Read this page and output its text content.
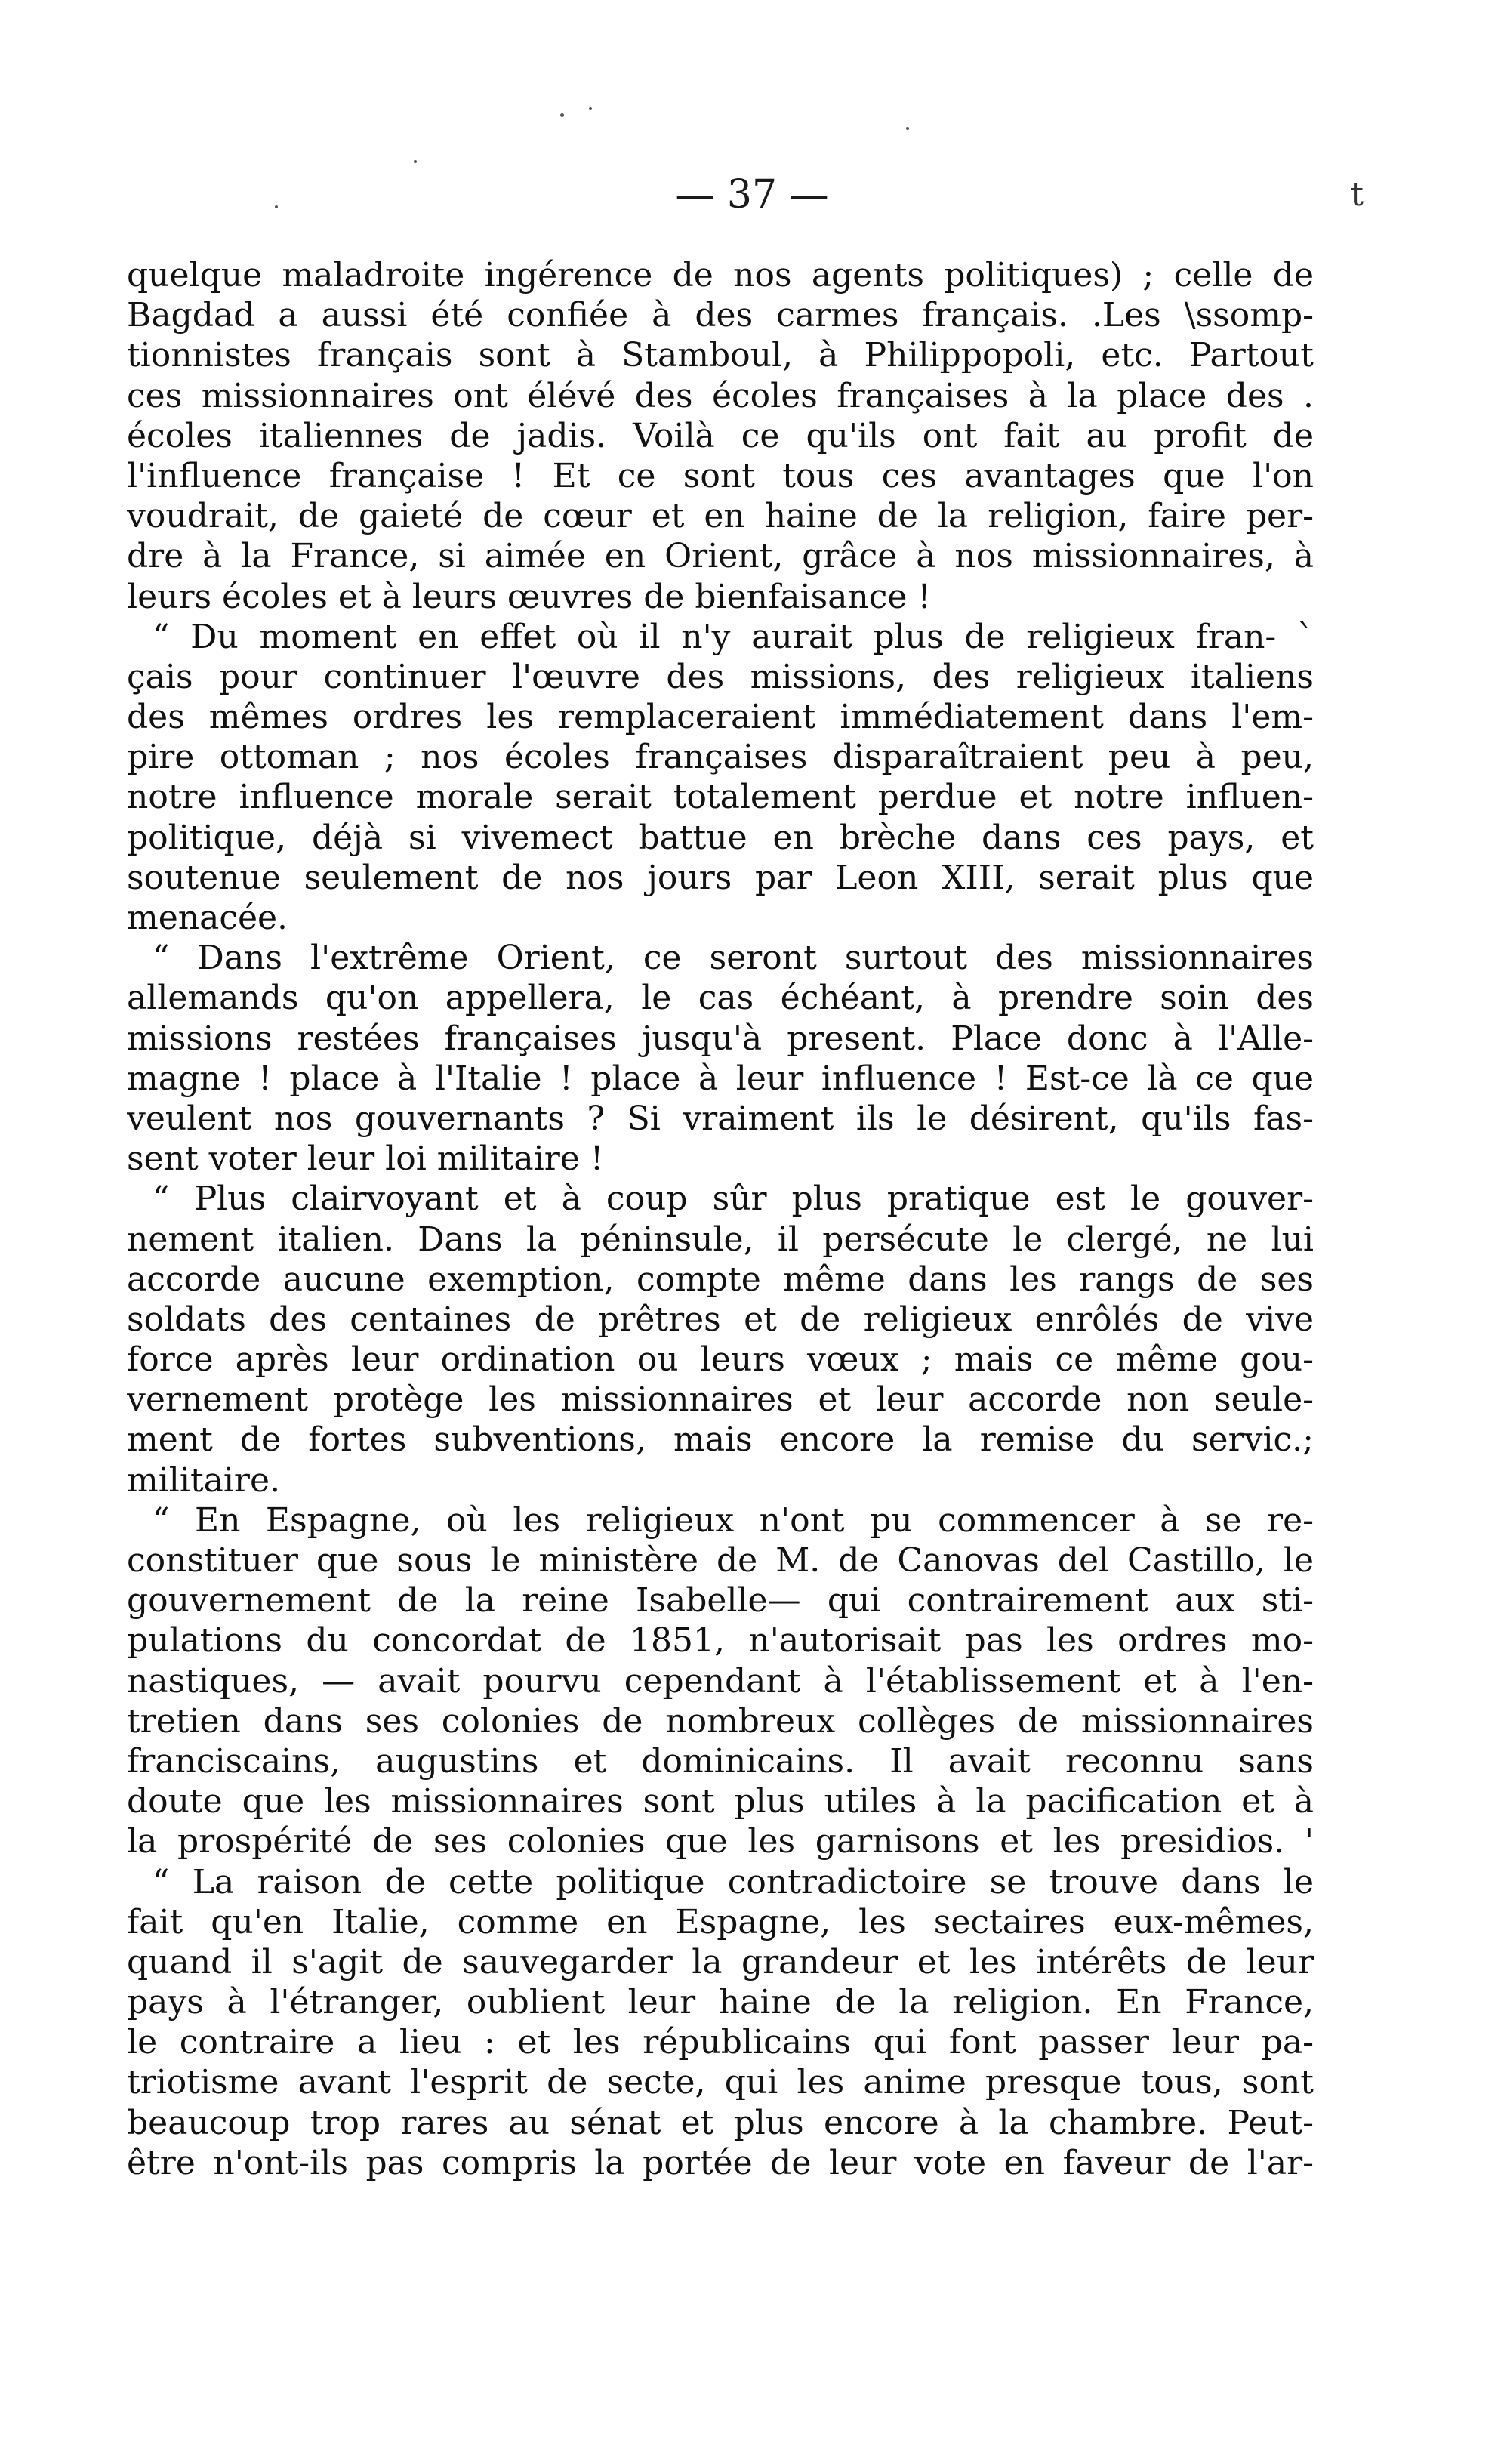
— 37 —	t
quelque maladroite ingérence de nos agents politiques) ; celle de
Bagdad a aussi été confiée à des carmes français. .Les \ssomp-
tionnistes français sont à Stamboul, à Philippopoli, etc. Partout
ces missionnaires ont élévé des écoles françaises à la place des .
écoles italiennes de jadis. Voilà ce qu'ils ont fait au profit de
l'influence française ! Et ce sont tous ces avantages que l'on
voudrait, de gaieté de cœur et en haine de la religion, faire per-
dre à la France, si aimée en Orient, grâce à nos missionnaires, à
leurs écoles et à leurs œuvres de bienfaisance !
“ Du moment en effet où il n'y aurait plus de religieux fran- `
çais pour continuer l'œuvre des missions, des religieux italiens
des mêmes ordres les remplaceraient immédiatement dans l'em-
pire ottoman ; nos écoles françaises disparaîtraient peu à peu,
notre influence morale serait totalement perdue et notre influen-
politique, déjà si vivemect battue en brèche dans ces pays, et
soutenue seulement de nos jours par Leon XIII, serait plus que
menacée.
“ Dans l'extrême Orient, ce seront surtout des missionnaires
allemands qu'on appellera, le cas échéant, à prendre soin des
missions restées françaises jusqu'à present. Place donc à l'Alle-
magne ! place à l'Italie ! place à leur influence ! Est-ce là ce que
veulent nos gouvernants ? Si vraiment ils le désirent, qu'ils fas-
sent voter leur loi militaire !
“ Plus clairvoyant et à coup sûr plus pratique est le gouver-
nement italien. Dans la péninsule, il persécute le clergé, ne lui
accorde aucune exemption, compte même dans les rangs de ses
soldats des centaines de prêtres et de religieux enrôlés de vive
force après leur ordination ou leurs vœux ; mais ce même gou-
vernement protège les missionnaires et leur accorde non seule-
ment de fortes subventions, mais encore la remise du servic.;
militaire.
“ En Espagne, où les religieux n'ont pu commencer à se re-
constituer que sous le ministère de M. de Canovas del Castillo, le
gouvernement de la reine Isabelle— qui contrairement aux sti-
pulations du concordat de 1851, n'autorisait pas les ordres mo-
nastiques, — avait pourvu cependant à l'établissement et à l'en-
tretien dans ses colonies de nombreux collèges de missionnaires
franciscains, augustins et dominicains. Il avait reconnu sans
doute que les missionnaires sont plus utiles à la pacification et à
la prospérité de ses colonies que les garnisons et les presidios. '
“ La raison de cette politique contradictoire se trouve dans le
fait qu'en Italie, comme en Espagne, les sectaires eux-mêmes,
quand il s'agit de sauvegarder la grandeur et les intérêts de leur
pays à l'étranger, oublient leur haine de la religion. En France,
le contraire a lieu : et les républicains qui font passer leur pa-
triotisme avant l'esprit de secte, qui les anime presque tous, sont
beaucoup trop rares au sénat et plus encore à la chambre. Peut-
être n'ont-ils pas compris la portée de leur vote en faveur de l'ar-
